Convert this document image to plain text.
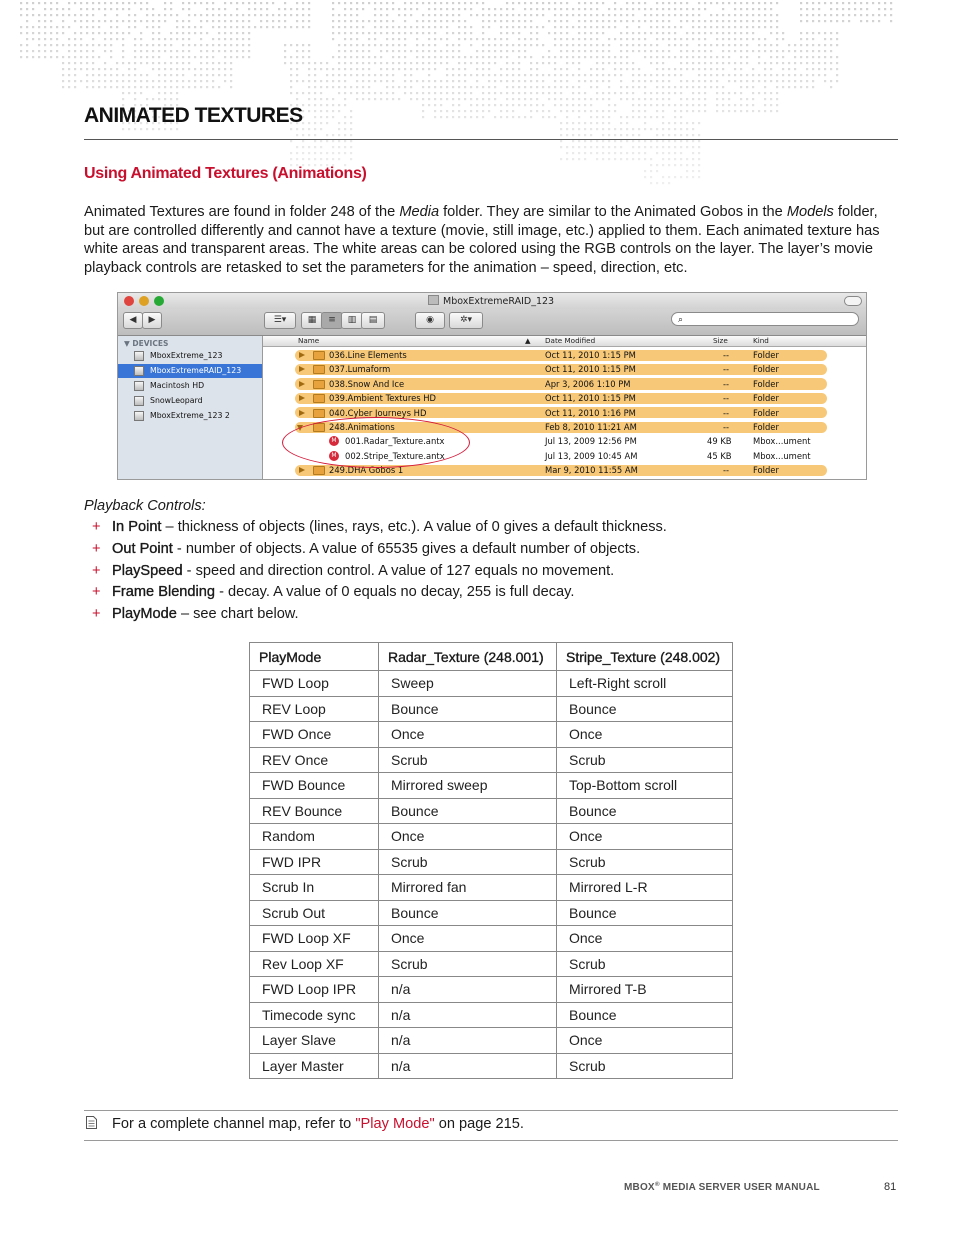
ANIMATED TEXTURES
Using Animated Textures (Animations)
Animated Textures are found in folder 248 of the Media folder. They are similar to the Animated Gobos in the Models folder, but are controlled differently and cannot have a texture (movie, still image, etc.) applied to them. Each animated texture has white areas and transparent areas. The white areas can be colored using the RGB controls on the layer. The layer’s movie playback controls are retasked to set the parameters for the animation – speed, direction, etc.
MboxExtremeRAID_123
◀	▶	☰▾	▦	≡	▥	▤	◉	✲▾	⌕
▼ DEVICES
MboxExtreme_123
MboxExtremeRAID_123
Macintosh HD
SnowLeopard
MboxExtreme_123 2
Name	▲ Date Modified	Size	Kind
036.Line Elements	Oct 11, 2010 1:15 PM	--	Folder
037.Lumaform	Oct 11, 2010 1:15 PM	--	Folder
038.Snow And Ice	Apr 3, 2006 1:10 PM	--	Folder
039.Ambient Textures HD	Oct 11, 2010 1:15 PM	--	Folder
040.Cyber Journeys HD	Oct 11, 2010 1:16 PM	--	Folder
248.Animations	Feb 8, 2010 11:21 AM	--	Folder
M 001.Radar_Texture.antx	Jul 13, 2009 12:56 PM	49 KB	Mbox...ument
M 002.Stripe_Texture.antx	Jul 13, 2009 10:45 AM	45 KB	Mbox...ument
249.DHA Gobos 1	Mar 9, 2010 11:55 AM	--	Folder
Playback Controls:
+ In Point – thickness of objects (lines, rays, etc.). A value of 0 gives a default thickness.
+ Out Point - number of objects. A value of 65535 gives a default number of objects.
+ PlaySpeed - speed and direction control. A value of 127 equals no movement.
+ Frame Blending - decay. A value of 0 equals no decay, 255 is full decay.
+ PlayMode – see chart below.
PlayMode	Radar_Texture (248.001)	Stripe_Texture (248.002)
FWD Loop	Sweep	Left-Right scroll
REV Loop	Bounce	Bounce
FWD Once	Once	Once
REV Once	Scrub	Scrub
FWD Bounce	Mirrored sweep	Top-Bottom scroll
REV Bounce	Bounce	Bounce
Random	Once	Once
FWD IPR	Scrub	Scrub
Scrub In	Mirrored fan	Mirrored L-R
Scrub Out	Bounce	Bounce
FWD Loop XF	Once	Once
Rev Loop XF	Scrub	Scrub
FWD Loop IPR	n/a	Mirrored T-B
Timecode sync	n/a	Bounce
Layer Slave	n/a	Once
Layer Master	n/a	Scrub
For a complete channel map, refer to "Play Mode" on page 215.
MBOX® MEDIA SERVER USER MANUAL	81
